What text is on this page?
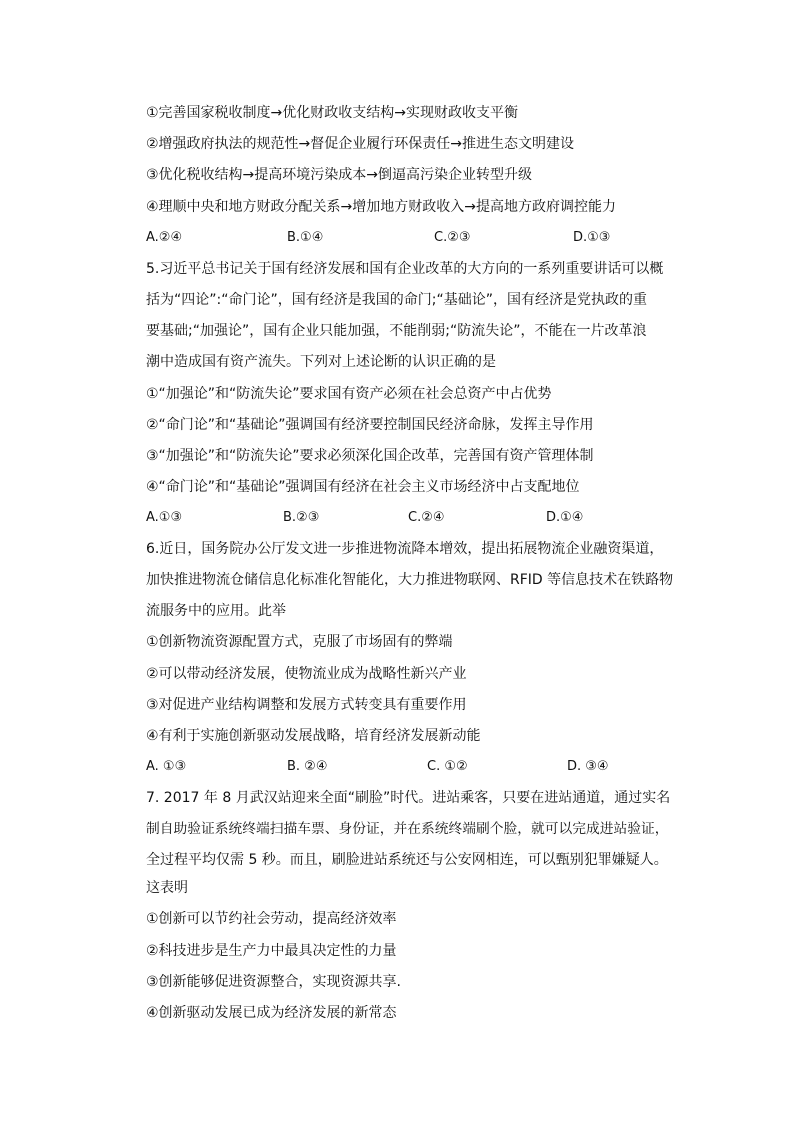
①完善国家税收制度→优化财政收支结构→实现财政收支平衡
②增强政府执法的规范性→督促企业履行环保责任→推进生态文明建设
③优化税收结构→提高环境污染成本→倒逼高污染企业转型升级
④理顺中央和地方财政分配关系→增加地方财政收入→提高地方政府调控能力
A.②④	B.①④	C.②③	D.①③
5.习近平总书记关于国有经济发展和国有企业改革的大方向的一系列重要讲话可以概
括为“四论”:“命门论”，国有经济是我国的命门;“基础论”，国有经济是党执政的重
要基础;“加强论”，国有企业只能加强，不能削弱;“防流失论”，不能在一片改革浪
潮中造成国有资产流失。下列对上述论断的认识正确的是
①“加强论”和“防流失论”要求国有资产必须在社会总资产中占优势
②“命门论”和“基础论”强调国有经济要控制国民经济命脉，发挥主导作用
③“加强论”和“防流失论”要求必须深化国企改革，完善国有资产管理体制
④“命门论”和“基础论”强调国有经济在社会主义市场经济中占支配地位
A.①③	B.②③	C.②④	D.①④
6.近日，国务院办公厅发文进一步推进物流降本增效，提出拓展物流企业融资渠道，
加快推进物流仓储信息化标准化智能化，大力推进物联网、RFID 等信息技术在铁路物
流服务中的应用。此举
①创新物流资源配置方式，克服了市场固有的弊端
②可以带动经济发展，使物流业成为战略性新兴产业
③对促进产业结构调整和发展方式转变具有重要作用
④有利于实施创新驱动发展战略，培育经济发展新动能
A. ①③	B. ②④	C. ①②	D. ③④
7. 2017 年 8 月武汉站迎来全面“刷脸”时代。进站乘客，只要在进站通道，通过实名
制自助验证系统终端扫描车票、身份证，并在系统终端刷个脸，就可以完成进站验证，
全过程平均仅需 5 秒。而且，刷脸进站系统还与公安网相连，可以甄别犯罪嫌疑人。
这表明
①创新可以节约社会劳动，提高经济效率
②科技进步是生产力中最具决定性的力量
③创新能够促进资源整合，实现资源共享.
④创新驱动发展已成为经济发展的新常态
